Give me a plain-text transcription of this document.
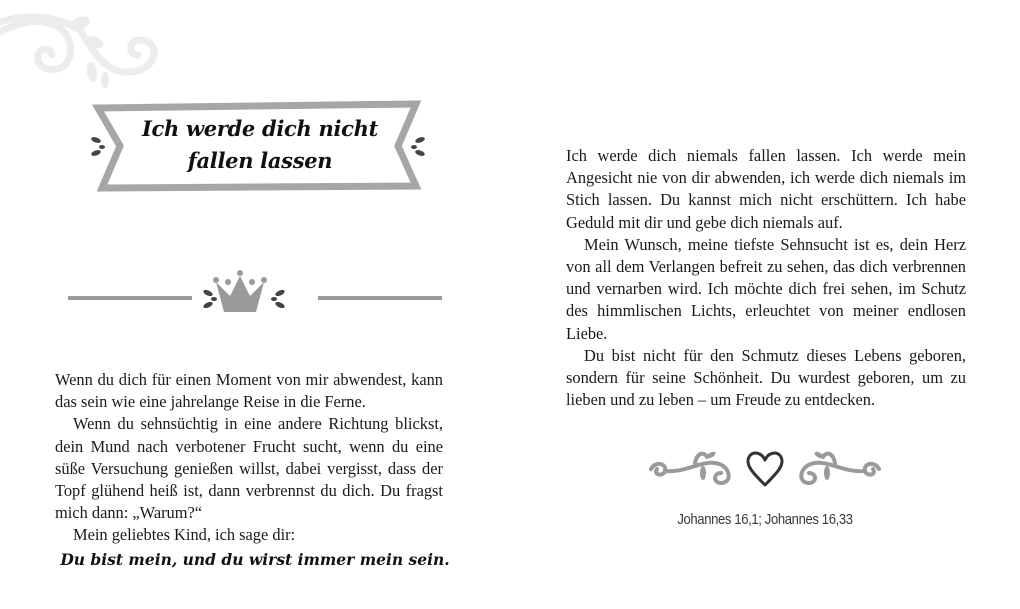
Ich werde dich nicht
fallen lassen

Wenn du dich für einen Moment von mir abwendest, kann das sein wie eine jahrelange Reise in die Ferne.

Wenn du sehnsüchtig in eine andere Richtung blickst, dein Mund nach verbotener Frucht sucht, wenn du eine süße Versuchung genießen willst, dabei vergisst, dass der Topf glühend heiß ist, dann verbrennst du dich. Du fragst mich dann: „Warum?“

Mein geliebtes Kind, ich sage dir:

Du bist mein, und du wirst immer mein sein.

Ich werde dich niemals fallen lassen. Ich werde mein Angesicht nie von dir abwenden, ich werde dich niemals im Stich lassen. Du kannst mich nicht erschüttern. Ich habe Geduld mit dir und gebe dich niemals auf.

Mein Wunsch, meine tiefste Sehnsucht ist es, dein Herz von all dem Verlangen befreit zu sehen, das dich verbrennen und vernarben wird. Ich möchte dich frei sehen, im Schutz des himmlischen Lichts, erleuchtet von meiner endlosen Liebe.

Du bist nicht für den Schmutz dieses Lebens geboren, sondern für seine Schönheit. Du wurdest geboren, um zu lieben und zu leben – um Freude zu entdecken.

Johannes 16,1; Johannes 16,33
